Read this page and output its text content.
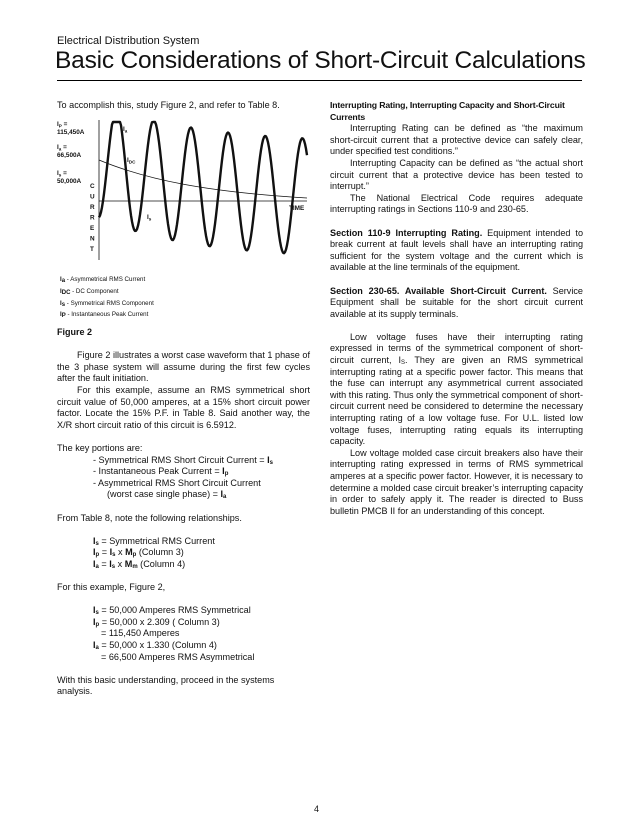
Electrical Distribution System
Basic Considerations of Short-Circuit Calculations

To accomplish this, study Figure 2, and refer to Table 8.

$I_P$ =
115,450A
$I_a$ =
66,500A
$I_s$ =
50,000A
C
U
R
R
E
N
T
TIME
$I_a$
$I_{DC}$
$I_s$
$I_a$ - Asymmetrical RMS Current
$I_{DC}$ - DC Component
$I_s$ - Symmetrical RMS Component
$I_P$ - Instantaneous Peak Current

Figure 2

Figure 2 illustrates a worst case waveform that 1 phase of the 3 phase system will assume during the first few cycles after the fault initiation.

For this example, assume an RMS symmetrical short circuit value of 50,000 amperes, at a 15% short circuit power factor. Locate the 15% P.F. in Table 8. Said another way, the X/R short circuit ratio of this circuit is 6.5912.

The key portions are:

- Symmetrical RMS Short Circuit Current = $I_s$

- Instantaneous Peak Current = $I_p$

- Asymmetrical RMS Short Circuit Current

(worst case single phase) = $I_a$

From Table 8, note the following relationships.

$I_s$ = Symmetrical RMS Current

$I_p = I_s$ x $M_p$ (Column 3)

$I_a = I_s$ x $M_m$ (Column 4)

For this example, Figure 2,

$I_s = 50,000$ Amperes RMS Symmetrical

$I_p = 50,000$ x 2.309 ( Column 3)

= 115,450 Amperes

$I_a = 50,000$ x 1.330 (Column 4)

= 66,500 Amperes RMS Asymmetrical

With this basic understanding, proceed in the systems analysis.

Interrupting Rating, Interrupting Capacity and Short-Circuit Currents

Interrupting Rating can be defined as “the maximum short-circuit current that a protective device can safely clear, under specified test conditions.”

Interrupting Capacity can be defined as “the actual short circuit current that a protective device has been tested to interrupt.”

The National Electrical Code requires adequate interrupting ratings in Sections 110-9 and 230-65.

Section 110-9 Interrupting Rating. Equipment intended to break current at fault levels shall have an interrupting rating sufficient for the system voltage and the current which is available at the line terminals of the equipment.

Section 230-65. Available Short-Circuit Current. Service Equipment shall be suitable for the short circuit current available at its supply terminals.

Low voltage fuses have their interrupting rating expressed in terms of the symmetrical component of short-circuit current, $I_S$. They are given an RMS symmetrical interrupting rating at a specific power factor. This means that the fuse can interrupt any asymmetrical current associated with this rating. Thus only the symmetrical component of short-circuit current need be considered to determine the necessary interrupting rating of a low voltage fuse. For U.L. listed low voltage fuses, interrupting rating equals its interrupting capacity.

Low voltage molded case circuit breakers also have their interrupting rating expressed in terms of RMS symmetrical amperes at a specific power factor. However, it is necessary to determine a molded case circuit breaker’s interrupting capacity in order to safely apply it. The reader is directed to Buss bulletin PMCB II for an understanding of this concept.

4
